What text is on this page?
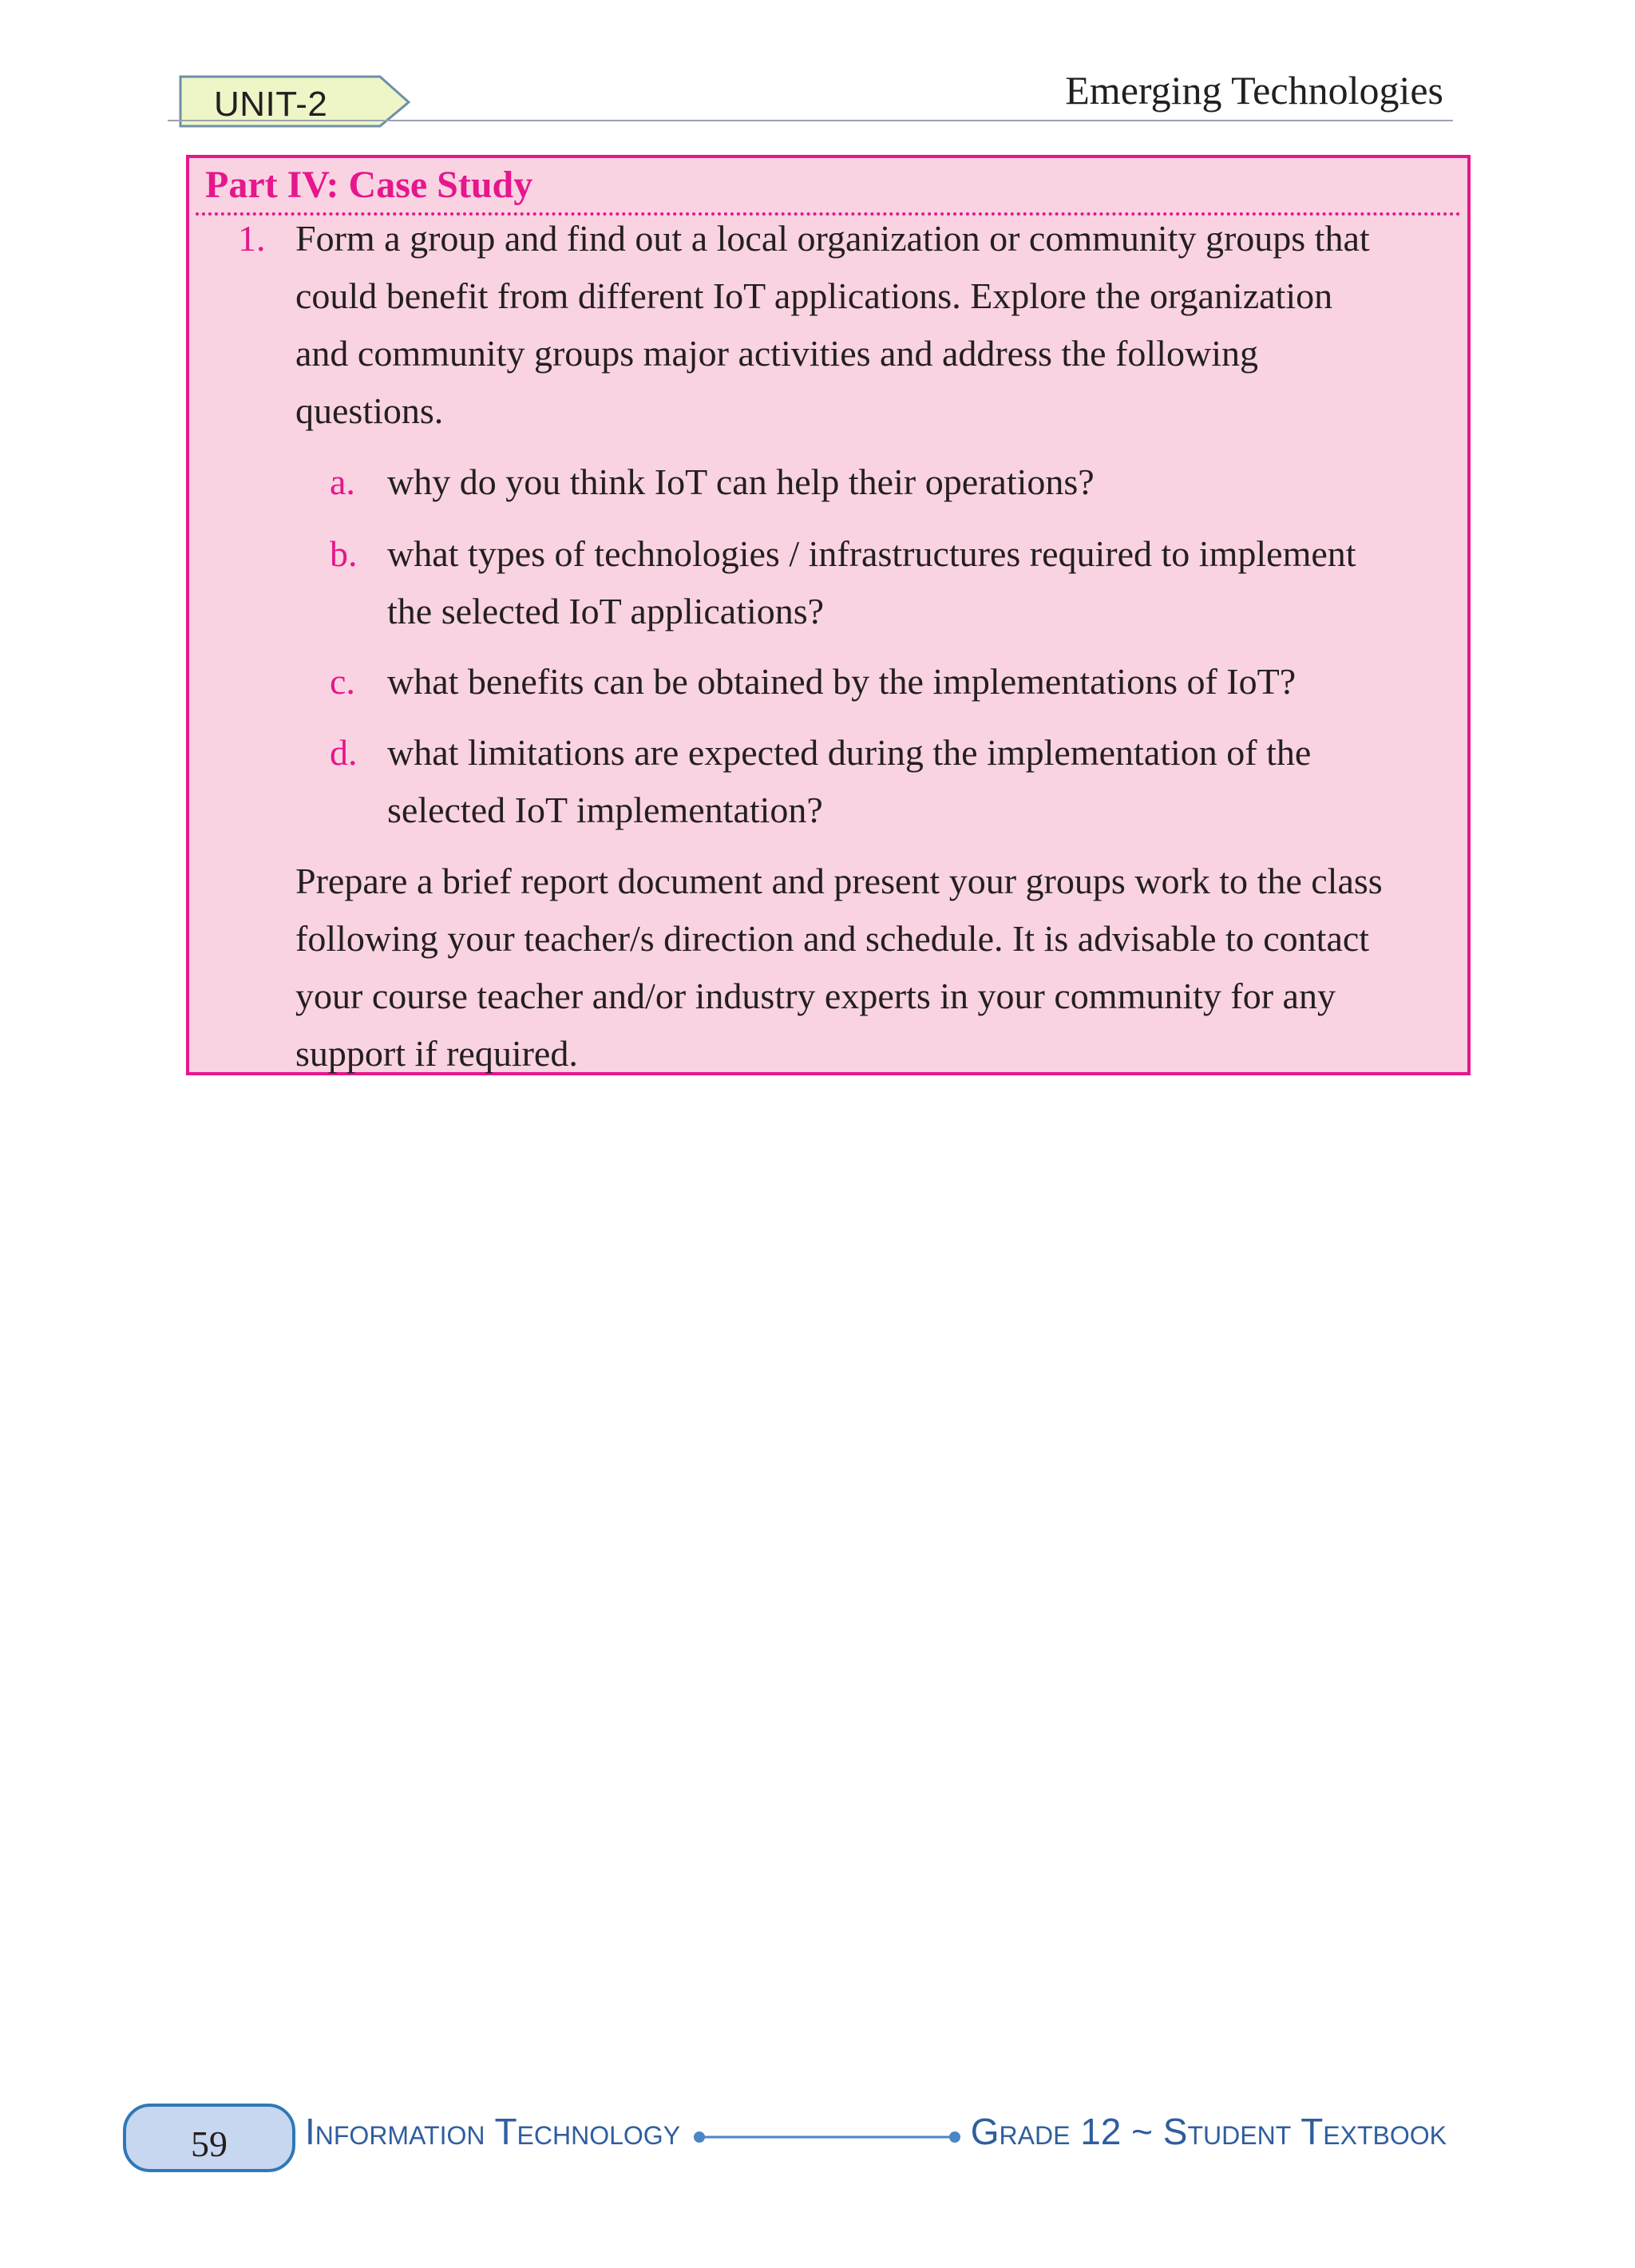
UNIT-2	Emerging Technologies
Part IV: Case Study
1. Form a group and find out a local organization or community groups that
could benefit from different IoT applications. Explore the organization
and community groups major activities and address the following
questions.
a. why do you think IoT can help their operations?
b. what types of technologies / infrastructures required to implement
the selected IoT applications?
c. what benefits can be obtained by the implementations of IoT?
d. what limitations are expected during the implementation of the
selected IoT implementation?
Prepare a brief report document and present your groups work to the class
following your teacher/s direction and schedule. It is advisable to contact
your course teacher and/or industry experts in your community for any
support if required.
59	Information Technology	Grade 12 ~ Student Textbook
